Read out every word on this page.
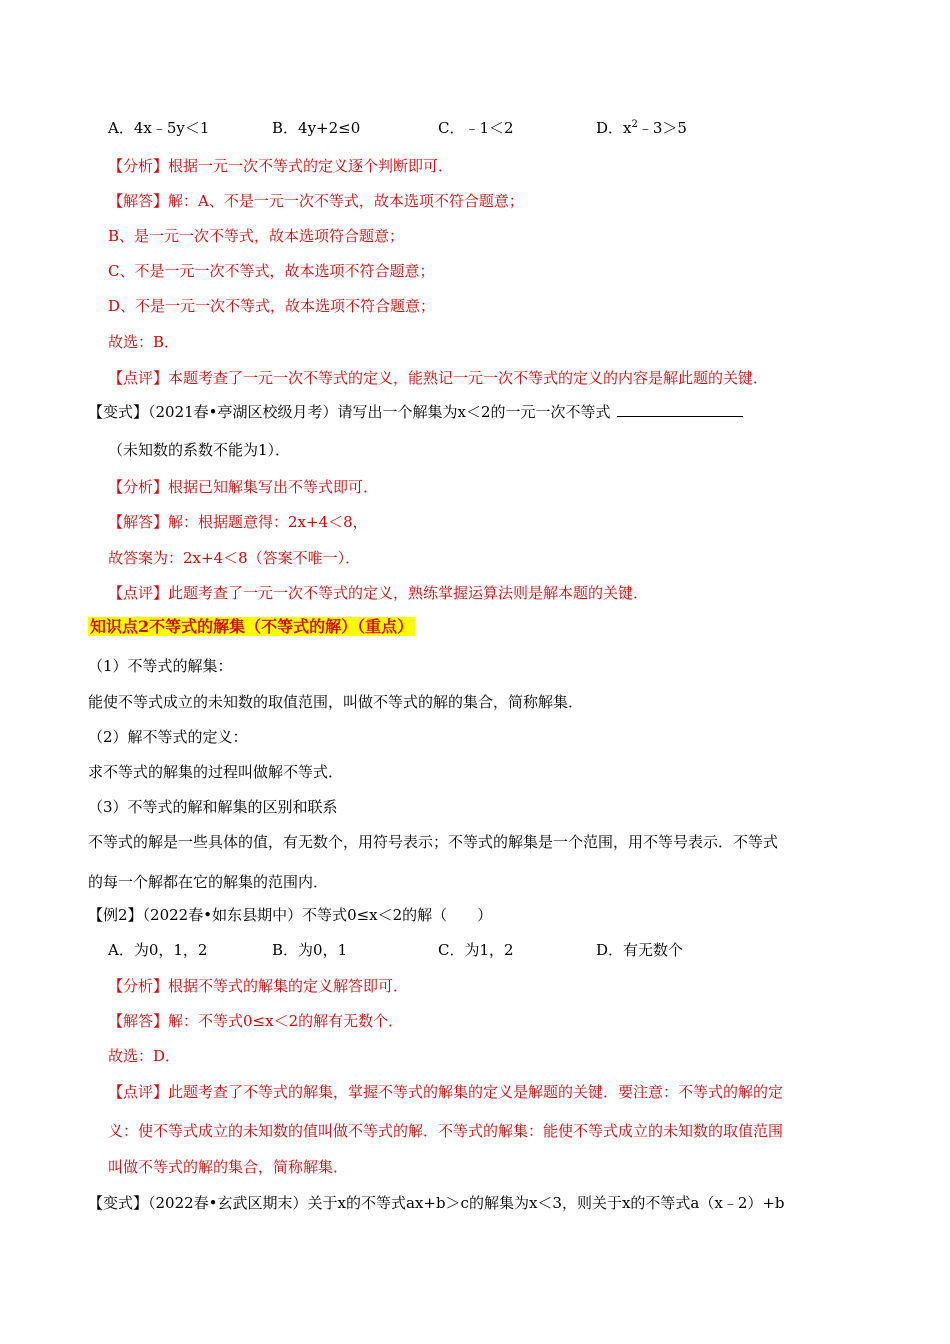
A．4x﹣5y＜1	B．4y+2≤0	C．﹣1＜2	D．$x^2﹣3>5$

【分析】根据一元一次不等式的定义逐个判断即可．

【解答】解：A、不是一元一次不等式，故本选项不符合题意；

B、是一元一次不等式，故本选项符合题意；

C、不是一元一次不等式，故本选项不符合题意；

D、不是一元一次不等式，故本选项不符合题意；

故选：B．

【点评】本题考查了一元一次不等式的定义，能熟记一元一次不等式的定义的内容是解此题的关键．

【变式】（2021春•亭湖区校级月考）请写出一个解集为x＜2的一元一次不等式

（未知数的系数不能为1）．

【分析】根据已知解集写出不等式即可．

【解答】解：根据题意得：2x+4＜8，

故答案为：2x+4＜8（答案不唯一）．

【点评】此题考查了一元一次不等式的定义，熟练掌握运算法则是解本题的关键．

知识点2不等式的解集（不等式的解）（重点）

（1）不等式的解集：

能使不等式成立的未知数的取值范围，叫做不等式的解的集合，简称解集．

（2）解不等式的定义：

求不等式的解集的过程叫做解不等式．

（3）不等式的解和解集的区别和联系

不等式的解是一些具体的值，有无数个，用符号表示；不等式的解集是一个范围，用不等号表示．不等式

的每一个解都在它的解集的范围内．

【例2】（2022春•如东县期中）不等式0≤x＜2的解（　　）

A．为0，1，2	B．为0，1	C．为1，2	D．有无数个

【分析】根据不等式的解集的定义解答即可．

【解答】解：不等式0≤x＜2的解有无数个．

故选：D．

【点评】此题考查了不等式的解集，掌握不等式的解集的定义是解题的关键．要注意：不等式的解的定

义：使不等式成立的未知数的值叫做不等式的解．不等式的解集：能使不等式成立的未知数的取值范围

叫做不等式的解的集合，简称解集．

【变式】（2022春•玄武区期末）关于x的不等式ax+b＞c的解集为x＜3，则关于x的不等式a（x﹣2）+b
